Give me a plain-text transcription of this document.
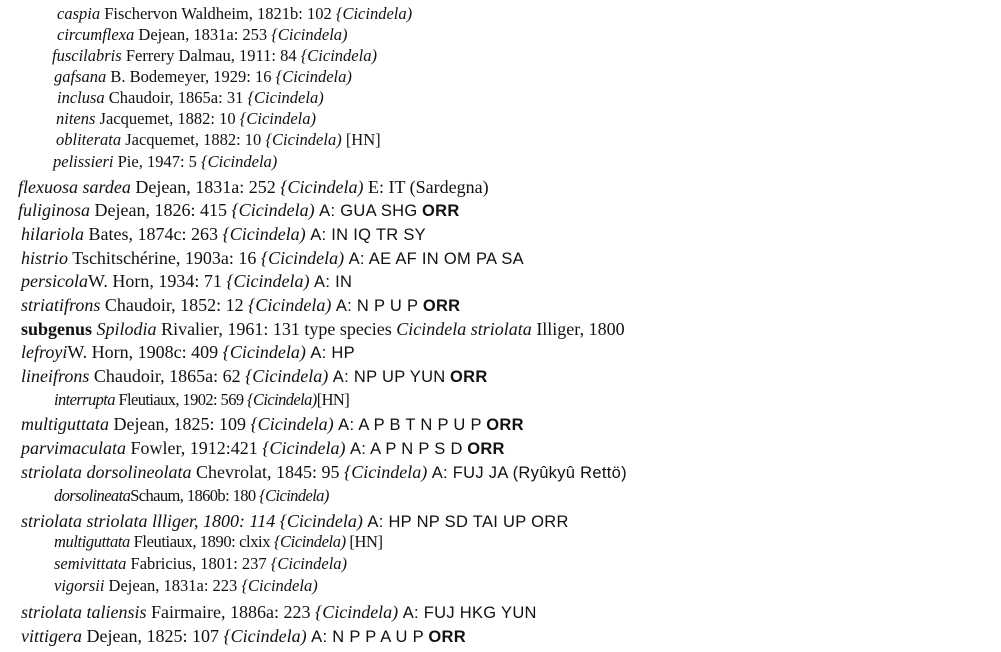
caspia Fischervon Waldheim, 1821b: 102 {Cicindela)
circumflexa Dejean, 1831a: 253 {Cicindela)
fuscilabris Ferrery Dalmau, 1911: 84 {Cicindela)
gafsana B. Bodemeyer, 1929: 16 {Cicindela)
inclusa Chaudoir, 1865a: 31 {Cicindela)
nitens Jacquemet, 1882: 10 {Cicindela)
obliterata Jacquemet, 1882: 10 {Cicindela) [HN]
pelissieri Pie, 1947: 5 {Cicindela)
flexuosa sardea Dejean, 1831a: 252 {Cicindela) E: IT (Sardegna)
fuliginosa Dejean, 1826: 415 {Cicindela) A: GUA SHG ORR
hilariola Bates, 1874c: 263 {Cicindela) A: IN IQ TR SY
histrio Tschitschérine, 1903a: 16 {Cicindela) A: AE AF IN OM PA SA
persicolaW. Horn, 1934: 71 {Cicindela) A: IN
striatifrons Chaudoir, 1852: 12 {Cicindela) A: N P U P ORR
subgenus Spilodia Rivalier, 1961: 131 type species Cicindela striolata Illiger, 1800
lefroyiW. Horn, 1908c: 409 {Cicindela) A: HP
lineifrons Chaudoir, 1865a: 62 {Cicindela) A: NP UP YUN ORR
interrupta Fleutiaux, 1902: 569 {Cicindela)[HN]
multiguttata Dejean, 1825: 109 {Cicindela) A: A P B T N P U P ORR
parvimaculata Fowler, 1912:421 {Cicindela) A: A P N P S D ORR
striolata dorsolineolata Chevrolat, 1845: 95 {Cicindela) A: FUJ JA (Ryûkyû Rettö)
dorsolineataSchaum, 1860b: 180 {Cicindela)
striolata striolata llliger, 1800: 114 {Cicindela) A: HP NP SD TAI UP ORR
multiguttata Fleutiaux, 1890: clxix {Cicindela) [HN]
semivittata Fabricius, 1801: 237 {Cicindela)
vigorsii Dejean, 1831a: 223 {Cicindela)
striolata taliensis Fairmaire, 1886a: 223 {Cicindela) A: FUJ HKG YUN
vittigera Dejean, 1825: 107 {Cicindela) A: N P P A U P ORR
